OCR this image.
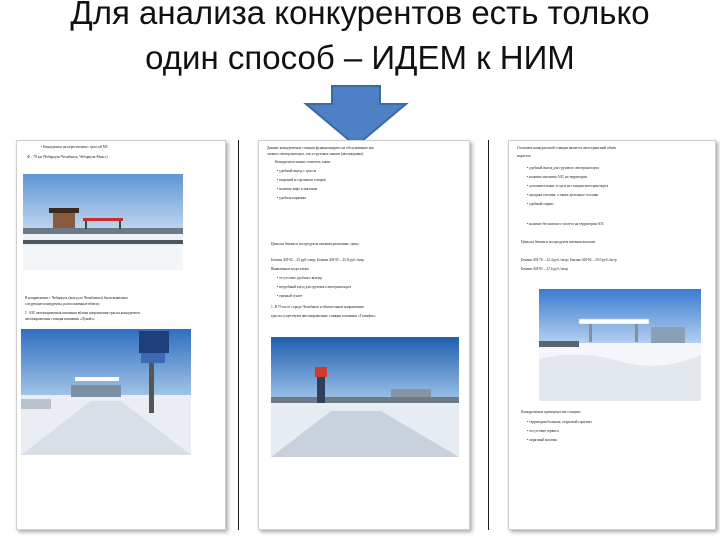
Для анализа конкурентов есть только
один способ – ИДЕМ к НИМ
• Конкуренты на пересечении с трассой М5
Ф – 78 км (Чебаркуль-Челябинск, Чебаркуль-Миасс)
В направлении г. Чебаркуль (выезд из Челябинска) были выявлены
следующие конкуренты, расположенные вблизи:
1. АЗС автозаправочная компания вблизи направления трассы конкурентов
автозаправочная станция компании «Лукойл»
Данные конкурентные станции функционируют на обслуживание как
личного автотранспорта, так и грузовых машин (автозаправка).
Конкурентов можно отметить такие:
• удобный выезд с трассы
• широкий ассортимент товаров
• наличие кафе и магазина
• удобная парковка
Цены на бензин и на продукты питания различные, цены
Бензин АИ-92 – 23 руб./литр; Бензин АИ-95 – 25,8 руб./литр
Выявленные недостатки:
• отсутствие удобного выезда
• неудобный заезд для грузового автотранспорта
• грязный туалет
1. В 75 км от города Челябинск и обязательные направления
трассы существуют автозаправочные станции компании «Татнефть»
Отличием конкурентной станции является автосервисный обмен
водитель
• удобный выезд для грузового автотранспорта
• наличие магазина АЗС на территории
• дополнительные услуги на станции автотранспорта
• продажа топлива, а также дизельное топливо
• удобный сервис
• наличие бесплатного туалета на территории АЗС
Цены на бензин и на продукты питания высокие
Бензин АИ-76 – 22,4 руб./литр; Бензин АИ-92 – 25,0 руб./литр
Бензин АИ-95 – 27,6 руб./литр
Конкурентные преимущества станции:
• территория большая, открытый горизонт
• отсутствие сервиса
• опрятный магазин
